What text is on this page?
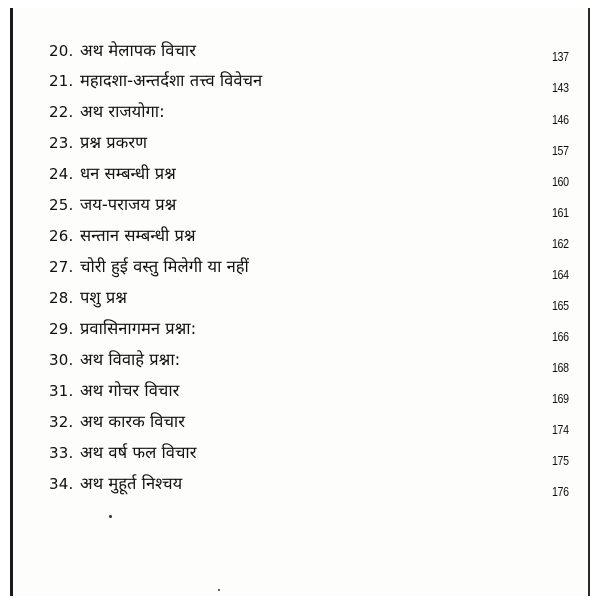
20. अथ मेलापक विचार	137
21. महादशा-अन्तर्दशा तत्त्व विवेचन	143
22. अथ राजयोगा:	146
23. प्रश्न प्रकरण	157
24. धन सम्बन्धी प्रश्न	160
25. जय-पराजय प्रश्न	161
26. सन्तान सम्बन्धी प्रश्न	162
27. चोरी हुई वस्तु मिलेगी या नहीं	164
28. पशु प्रश्न	165
29. प्रवासिनागमन प्रश्ना:	166
30. अथ विवाहे प्रश्ना:	168
31. अथ गोचर विचार	169
32. अथ कारक विचार	174
33. अथ वर्ष फल विचार	175
34. अथ मुहूर्त निश्चय	176
